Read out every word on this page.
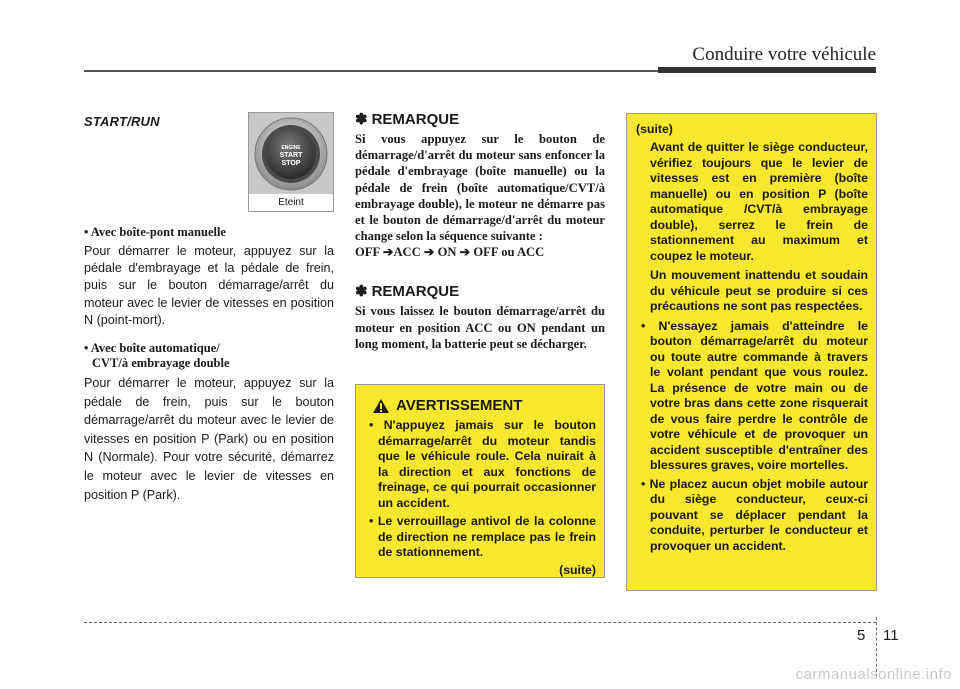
Conduire votre véhicule

START/RUN

ENGINE
START
STOP
Eteint

• Avec boîte-pont manuelle

Pour démarrer le moteur, appuyez sur la pédale d'embrayage et la pédale de frein, puis sur le bouton démarrage/arrêt du moteur avec le levier de vitesses en position N (point-mort).

• Avec boîte automatique/

CVT/à embrayage double

Pour démarrer le moteur, appuyez sur la pédale de frein, puis sur le bouton démarrage/arrêt du moteur avec le levier de vitesses en position P (Park) ou en position N (Normale). Pour votre sécurité, démarrez le moteur avec le levier de vitesses en position P (Park).

✽ REMARQUE

Si vous appuyez sur le bouton de démarrage/d'arrêt du moteur sans enfoncer la pédale d'embrayage (boîte manuelle) ou la pédale de frein (boîte automatique/CVT/à embrayage double), le moteur ne démarre pas et le bouton de démarrage/d'arrêt du moteur change selon la séquence suivante :

OFF ➔ACC ➔ ON ➔ OFF ou ACC

✽ REMARQUE

Si vous laissez le bouton démarrage/arrêt du moteur en position ACC ou ON pendant un long moment, la batterie peut se décharger.

AVERTISSEMENT
• N'appuyez jamais sur le bouton démarrage/arrêt du moteur tandis que le véhicule roule. Cela nuirait à la direction et aux fonctions de freinage, ce qui pourrait occasionner un accident.
• Le verrouillage antivol de la colonne de direction ne remplace pas le frein de stationnement.

(suite)

(suite)

Avant de quitter le siège conducteur, vérifiez toujours que le levier de vitesses est en première (boîte manuelle) ou en position P (boîte automatique /CVT/à embrayage double), serrez le frein de stationnement au maximum et coupez le moteur.

Un mouvement inattendu et soudain du véhicule peut se produire si ces précautions ne sont pas respectées.

• N'essayez jamais d'atteindre le bouton démarrage/arrêt du moteur ou toute autre commande à travers le volant pendant que vous roulez. La présence de votre main ou de votre bras dans cette zone risquerait de vous faire perdre le contrôle de votre véhicule et de provoquer un accident susceptible d'entraîner des blessures graves, voire mortelles.
• Ne placez aucun objet mobile autour du siège conducteur, ceux-ci pouvant se déplacer pendant la conduite, perturber le conducteur et provoquer un accident.
5 11
carmanualsonline.info
